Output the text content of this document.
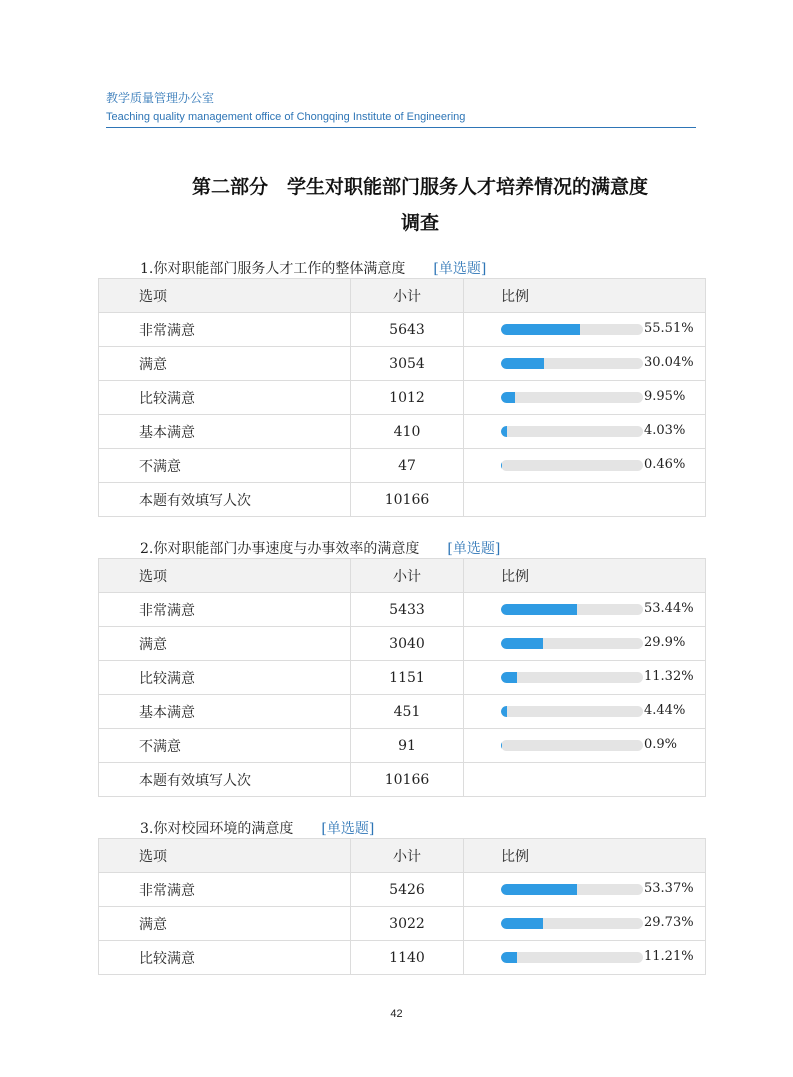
教学质量管理办公室
Teaching quality management office of Chongqing Institute of Engineering
第二部分　学生对职能部门服务人才培养情况的满意度
调查
1.你对职能部门服务人才工作的整体满意度 [单选题]
选项	小计	比例
非常满意	5643	55.51%

满意	3054	30.04%

比较满意	1012	9.95%

基本满意	410	4.03%

不满意	47	0.46%

本题有效填写人次	10166	
2.你对职能部门办事速度与办事效率的满意度 [单选题]
选项	小计	比例
非常满意	5433	53.44%

满意	3040	29.9%

比较满意	1151	11.32%

基本满意	451	4.44%

不满意	91	0.9%

本题有效填写人次	10166	
3.你对校园环境的满意度 [单选题]
选项	小计	比例
非常满意	5426	53.37%

满意	3022	29.73%

比较满意	1140	11.21%
42
